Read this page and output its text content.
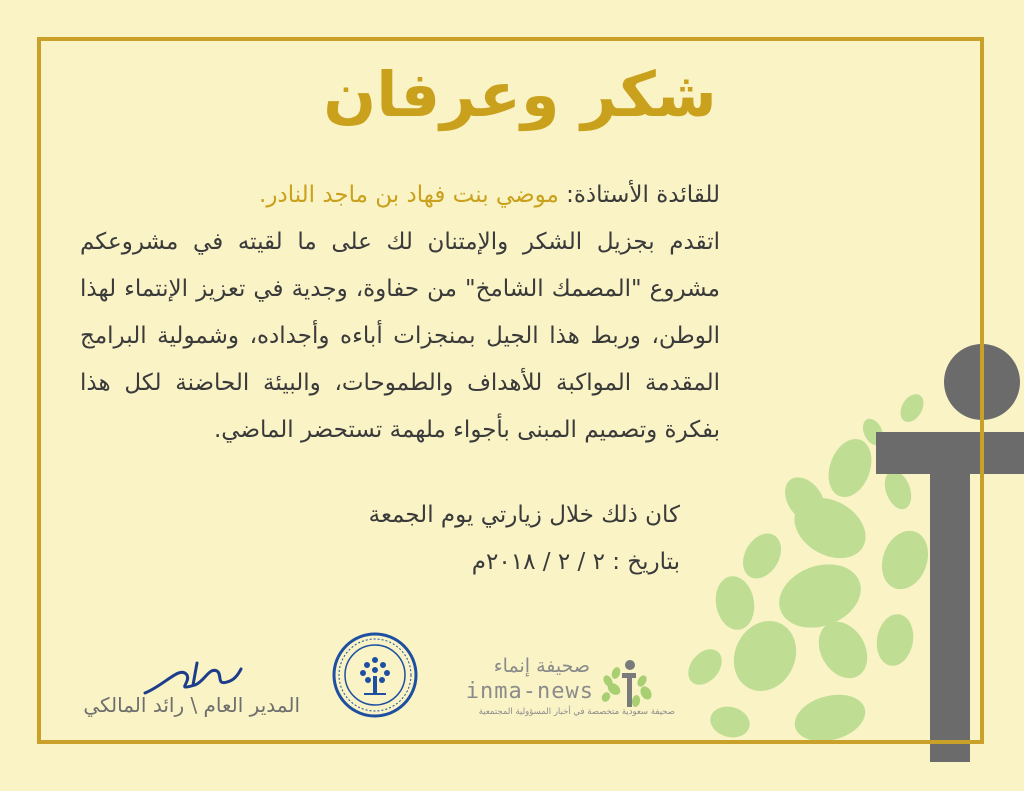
شكر وعرفان

للقائدة الأستاذة: موضي بنت فهاد بن ماجد النادر.

اتقدم بجزيل الشكر والإمتنان لك على ما لقيته في مشروعكم مشروع "المصمك الشامخ" من حفاوة، وجدية في تعزيز الإنتماء لهذا الوطن، وربط هذا الجيل بمنجزات أباءه وأجداده، وشمولية البرامج المقدمة المواكبة للأهداف والطموحات، والبيئة الحاضنة لكل هذا بفكرة وتصميم المبنى بأجواء ملهمة تستحضر الماضي.

كان ذلك خلال زيارتي يوم الجمعة

بتاريخ : ٢ / ٢ / ٢٠١٨م

المدير العام \ رائد المالكي
صحيفة إنماء
inma-news
صحيفة سعودية متخصصة في أخبار المسؤولية المجتمعية
